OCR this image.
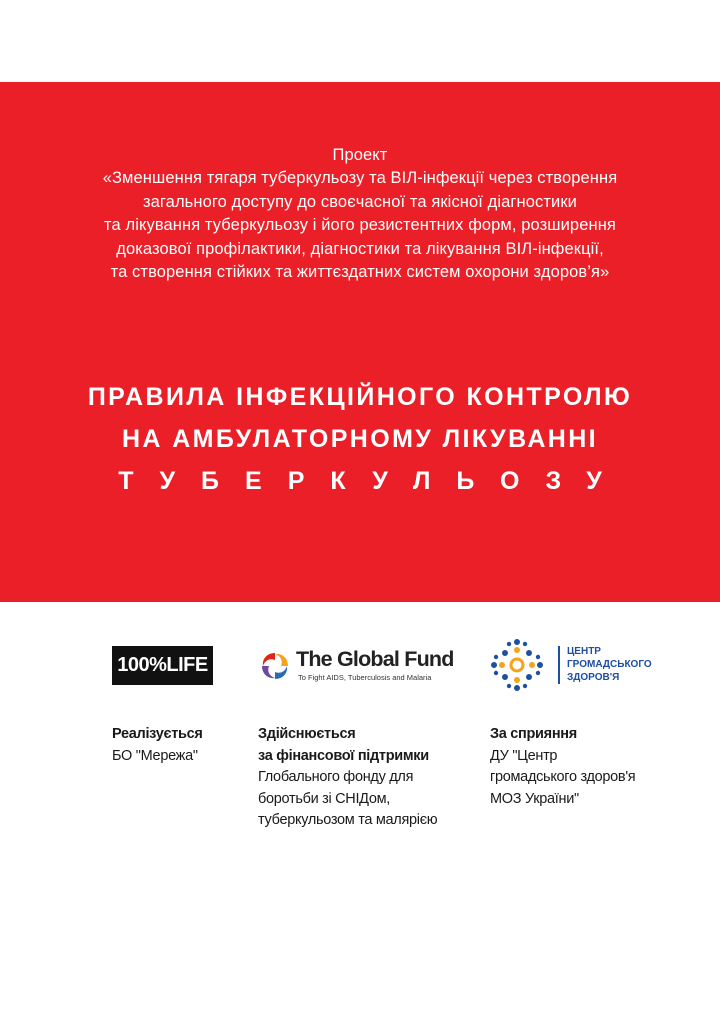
Проект
«Зменшення тягаря туберкульозу та ВІЛ-інфекції через створення
загального доступу до своєчасної та якісної діагностики
та лікування туберкульозу і його резистентних форм, розширення
доказової профілактики, діагностики та лікування ВІЛ-інфекції,
та створення стійких та життєздатних систем охорони здоров’я»
ПРАВИЛА ІНФЕКЦІЙНОГО КОНТРОЛЮ
НА АМБУЛАТОРНОМУ ЛІКУВАННІ
ТУБЕРКУЛЬОЗУ
100%LIFE	The Global Fund
To Fight AIDS, Tuberculosis and Malaria
ЦЕНТР
ГРОМАДСЬКОГО
ЗДОРОВ'Я
Реалізується
БО "Мережа"
Здійснюється
за фінансової підтримки
Глобального фонду для
боротьби зі СНІДом,
туберкульозом та малярією
За сприяння
ДУ "Центр
громадського здоров'я
МОЗ України"
